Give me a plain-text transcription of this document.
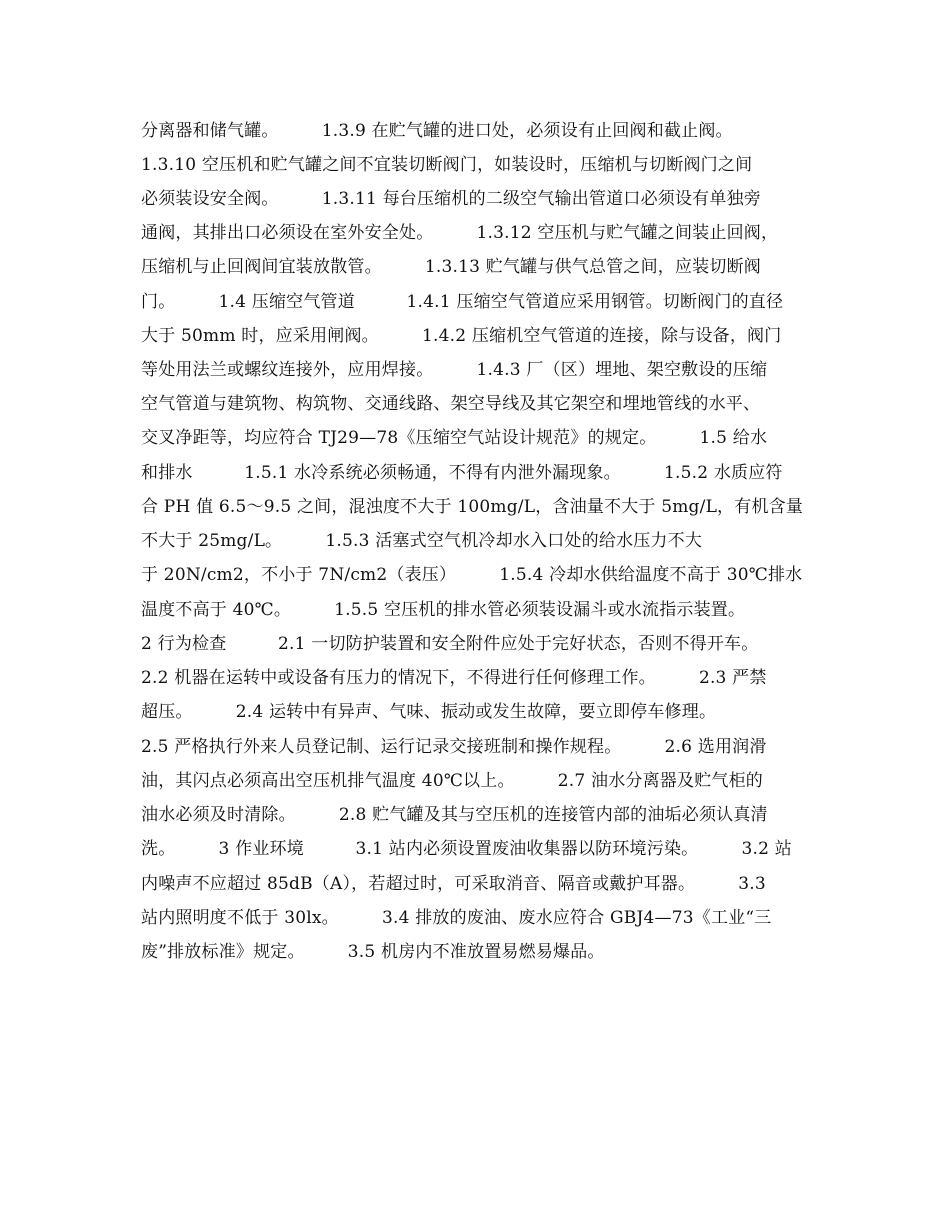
分离器和储气罐。　　　1.3.9 在贮气罐的进口处，必须设有止回阀和截止阀。
1.3.10 空压机和贮气罐之间不宜装切断阀门，如装设时，压缩机与切断阀门之间
必须装设安全阀。　　　1.3.11 每台压缩机的二级空气输出管道口必须设有单独旁
通阀，其排出口必须设在室外安全处。　　　1.3.12 空压机与贮气罐之间装止回阀，
压缩机与止回阀间宜装放散管。　　　1.3.13 贮气罐与供气总管之间，应装切断阀
门。　　　1.4 压缩空气管道　　　1.4.1 压缩空气管道应采用钢管。切断阀门的直径
大于 50mm 时，应采用闸阀。　　　1.4.2 压缩机空气管道的连接，除与设备，阀门
等处用法兰或螺纹连接外，应用焊接。　　　1.4.3 厂（区）埋地、架空敷设的压缩
空气管道与建筑物、构筑物、交通线路、架空导线及其它架空和埋地管线的水平、
交叉净距等，均应符合 TJ29—78《压缩空气站设计规范》的规定。　　　1.5 给水
和排水　　　1.5.1 水冷系统必须畅通，不得有内泄外漏现象。　　　1.5.2 水质应符
合 PH 值 6.5～9.5 之间，混浊度不大于 100mg/L，含油量不大于 5mg/L，有机含量
不大于 25mg/L。　　　1.5.3 活塞式空气机冷却水入口处的给水压力不大
于 20N/cm2，不小于 7N/cm2（表压）　　　1.5.4 冷却水供给温度不高于 30℃排水
温度不高于 40℃。　　　1.5.5 空压机的排水管必须装设漏斗或水流指示装置。
2 行为检查　　　2.1 一切防护装置和安全附件应处于完好状态，否则不得开车。
2.2 机器在运转中或设备有压力的情况下，不得进行任何修理工作。　　　2.3 严禁
超压。　　　2.4 运转中有异声、气味、振动或发生故障，要立即停车修理。
2.5 严格执行外来人员登记制、运行记录交接班制和操作规程。　　　2.6 选用润滑
油，其闪点必须高出空压机排气温度 40℃以上。　　　2.7 油水分离器及贮气柜的
油水必须及时清除。　　　2.8 贮气罐及其与空压机的连接管内部的油垢必须认真清
洗。　　　3 作业环境　　　3.1 站内必须设置废油收集器以防环境污染。　　　3.2 站
内噪声不应超过 85dB（A），若超过时，可采取消音、隔音或戴护耳器。　　　3.3
站内照明度不低于 30lx。　　　3.4 排放的废油、废水应符合 GBJ4—73《工业“三
废”排放标准》规定。　　　3.5 机房内不准放置易燃易爆品。
